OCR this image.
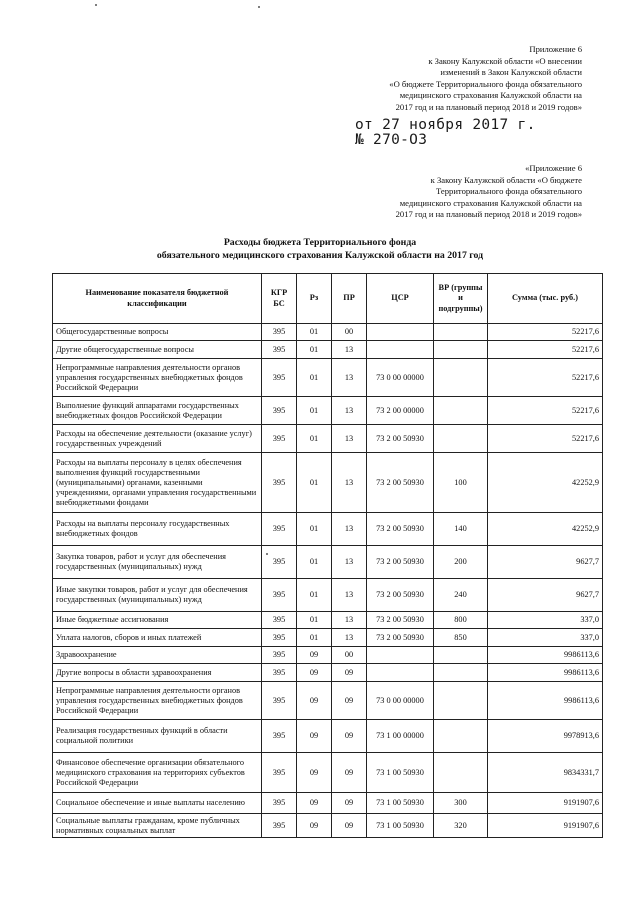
Приложение 6
к Закону Калужской области «О внесении
изменений в Закон Калужской области
«О бюджете Территориального фонда обязательного
медицинского страхования Калужской области на
2017 год и на плановый период 2018 и 2019 годов»
от 27 ноября 2017 г.
№ 270-ОЗ
«Приложение 6
к Закону Калужской области «О бюджете
Территориального фонда обязательного
медицинского страхования Калужской области на
2017 год и на плановый период 2018 и 2019 годов»
Расходы бюджета Территориального фонда
обязательного медицинского страхования Калужской области на 2017 год
Наименование показателя бюджетной классификации	КГР БС	Рз	ПР	ЦСР	ВР (группы и подгруппы)	Сумма (тыс. руб.)
Общегосударственные вопросы	395	01	00			52217,6
Другие общегосударственные вопросы	395	01	13			52217,6
Непрограммные направления деятельности органов управления государственных внебюджетных фондов Российской Федерации	395	01	13	73 0 00 00000		52217,6
Выполнение функций аппаратами государственных внебюджетных фондов Российской Федерации	395	01	13	73 2 00 00000		52217,6
Расходы на обеспечение деятельности (оказание услуг) государственных учреждений	395	01	13	73 2 00 50930		52217,6
Расходы на выплаты персоналу в целях обеспечения выполнения функций государственными (муниципальными) органами, казенными учреждениями, органами управления государственными внебюджетными фондами	395	01	13	73 2 00 50930	100	42252,9
Расходы на выплаты персоналу государственных внебюджетных фондов	395	01	13	73 2 00 50930	140	42252,9
Закупка товаров, работ и услуг для обеспечения государственных (муниципальных) нужд	395	01	13	73 2 00 50930	200	9627,7
Иные закупки товаров, работ и услуг для обеспечения государственных (муниципальных) нужд	395	01	13	73 2 00 50930	240	9627,7
Иные бюджетные ассигнования	395	01	13	73 2 00 50930	800	337,0
Уплата налогов, сборов и иных платежей	395	01	13	73 2 00 50930	850	337,0
Здравоохранение	395	09	00			9986113,6
Другие вопросы в области здравоохранения	395	09	09			9986113,6
Непрограммные направления деятельности органов управления государственных внебюджетных фондов Российской Федерации	395	09	09	73 0 00 00000		9986113,6
Реализация государственных функций в области социальной политики	395	09	09	73 1 00 00000		9978913,6
Финансовое обеспечение организации обязательного медицинского страхования на территориях субъектов Российской Федерации	395	09	09	73 1 00 50930		9834331,7
Социальное обеспечение и иные выплаты населению	395	09	09	73 1 00 50930	300	9191907,6
Социальные выплаты гражданам, кроме публичных нормативных социальных выплат	395	09	09	73 1 00 50930	320	9191907,6
